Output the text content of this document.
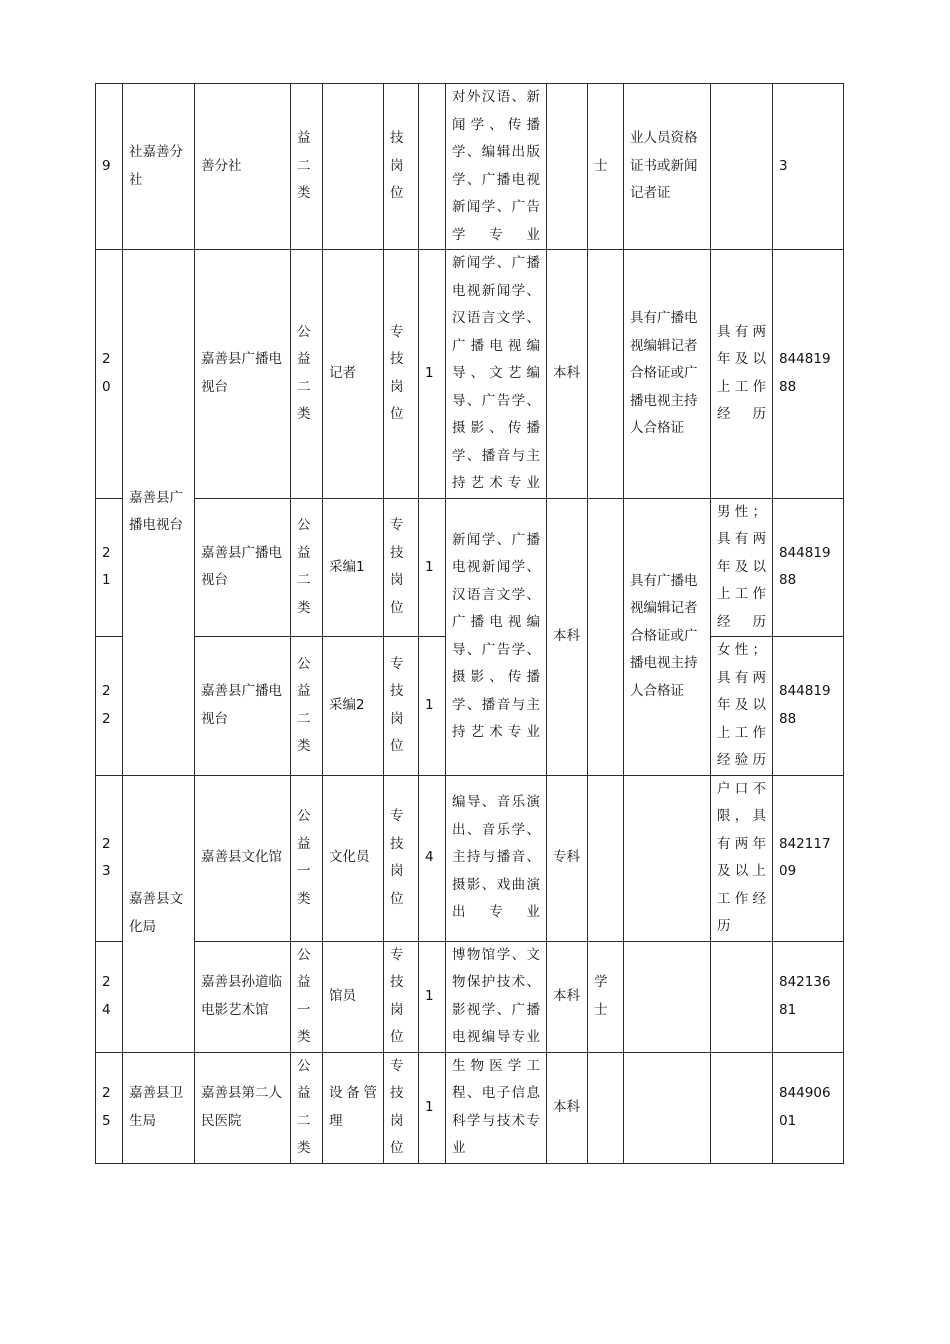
9	社嘉善分社	善分社	益二类		技岗位		对外汉语、新闻学、传播学、编辑出版学、广播电视新闻学、广告学专业		士	业人员资格证书或新闻记者证		3
20	嘉善县广播电视台	嘉善县广播电视台	公益二类	记者	专技岗位	1	新闻学、广播电视新闻学、汉语言文学、广播电视编导、文艺编导、广告学、摄影、传播学、播音与主持艺术专业	本科		具有广播电视编辑记者合格证或广播电视主持人合格证	具有两年及以上工作经历	84481988
21		嘉善县广播电视台	公益二类	采编1	专技岗位	1	新闻学、广播电视新闻学、汉语言文学、广播电视编导、广告学、摄影、传播学、播音与主持艺术专业	本科		具有广播电视编辑记者合格证或广播电视主持人合格证	男性；具有两年及以上工作经历	84481988
22		嘉善县广播电视台	公益二类	采编2	专技岗位	1					女性；具有两年及以上工作经验历	84481988
23	嘉善县文化局	嘉善县文化馆	公益一类	文化员	专技岗位	4	编导、音乐演出、音乐学、主持与播音、摄影、戏曲演出专业	专科			户口不限，具有两年及以上工作经历	84211709
24		嘉善县孙道临电影艺术馆	公益一类	馆员	专技岗位	1	博物馆学、文物保护技术、影视学、广播电视编导专业	本科	学士			84213681
25	嘉善县卫生局	嘉善县第二人民医院	公益二类	设备管理	专技岗位	1	生物医学工程、电子信息科学与技术专业	本科				84490601
